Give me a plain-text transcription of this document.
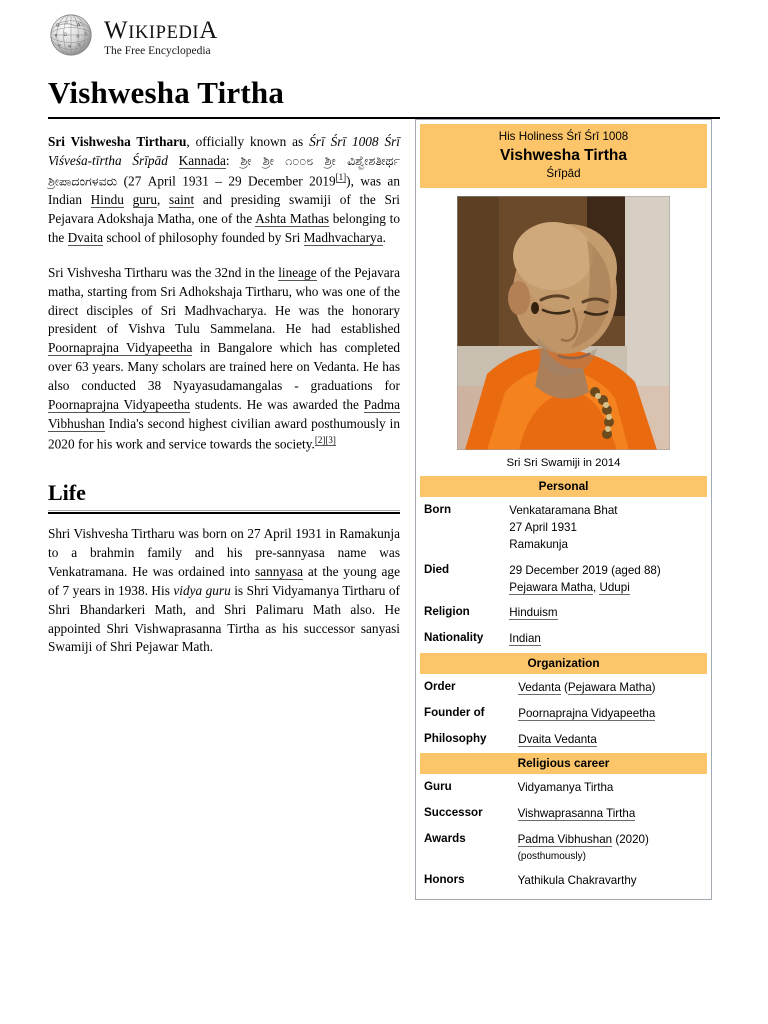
Ω
彡 W
Я Ω あ た
א म ह
WIKIPEDIA
The Free Encyclopedia
Vishwesha Tirtha
His Holiness Śrī Śrī 1008
Vishwesha Tirtha
Śrīpād
Sri Sri Swamiji in 2014
Personal
Born	Venkataramana Bhat
27 April 1931
Ramakunja

Died	29 December 2019 (aged 88)
Pejawara Matha, Udupi

Religion	Hinduism

Nationality	Indian
Organization
Order	Vedanta (Pejawara Matha)

Founder of	Poornaprajna Vidyapeetha

Philosophy	Dvaita Vedanta
Religious career
Guru	Vidyamanya Tirtha

Successor	Vishwaprasanna Tirtha

Awards	Padma Vibhushan (2020)
(posthumously)

Honors	Yathikula Chakravarthy

Sri Vishwesha Tirtharu, officially known as Śrī Śrī 1008 Śrī Viśveśa-tīrtha Śrīpād Kannada: ಶ್ರೀ ಶ್ರೀ ೧೦೦೮ ಶ್ರೀ ವಿಶ್ವೇಶತೀರ್ಥ ಶ್ರೀಪಾದಂಗಳವರು (27 April 1931 – 29 December 2019[1]), was an Indian Hindu guru, saint and presiding swamiji of the Sri Pejavara Adokshaja Matha, one of the Ashta Mathas belonging to the Dvaita school of philosophy founded by Sri Madhvacharya.

Sri Vishvesha Tirtharu was the 32nd in the lineage of the Pejavara matha, starting from Sri Adhokshaja Tirtharu, who was one of the direct disciples of Sri Madhvacharya. He was the honorary president of Vishva Tulu Sammelana. He had established Poornaprajna Vidyapeetha in Bangalore which has completed over 63 years. Many scholars are trained here on Vedanta. He has also conducted 38 Nyayasudamangalas - graduations for Poornaprajna Vidyapeetha students. He was awarded the Padma Vibhushan India's second highest civilian award posthumously in 2020 for his work and service towards the society.[2][3]

Life

Shri Vishvesha Tirtharu was born on 27 April 1931 in Ramakunja to a brahmin family and his pre-sannyasa name was Venkatramana. He was ordained into sannyasa at the young age of 7 years in 1938. His vidya guru is Shri Vidyamanya Tirtharu of Shri Bhandarkeri Math, and Shri Palimaru Math also. He appointed Shri Vishwaprasanna Tirtha as his successor sanyasi Swamiji of Shri Pejawar Math.
